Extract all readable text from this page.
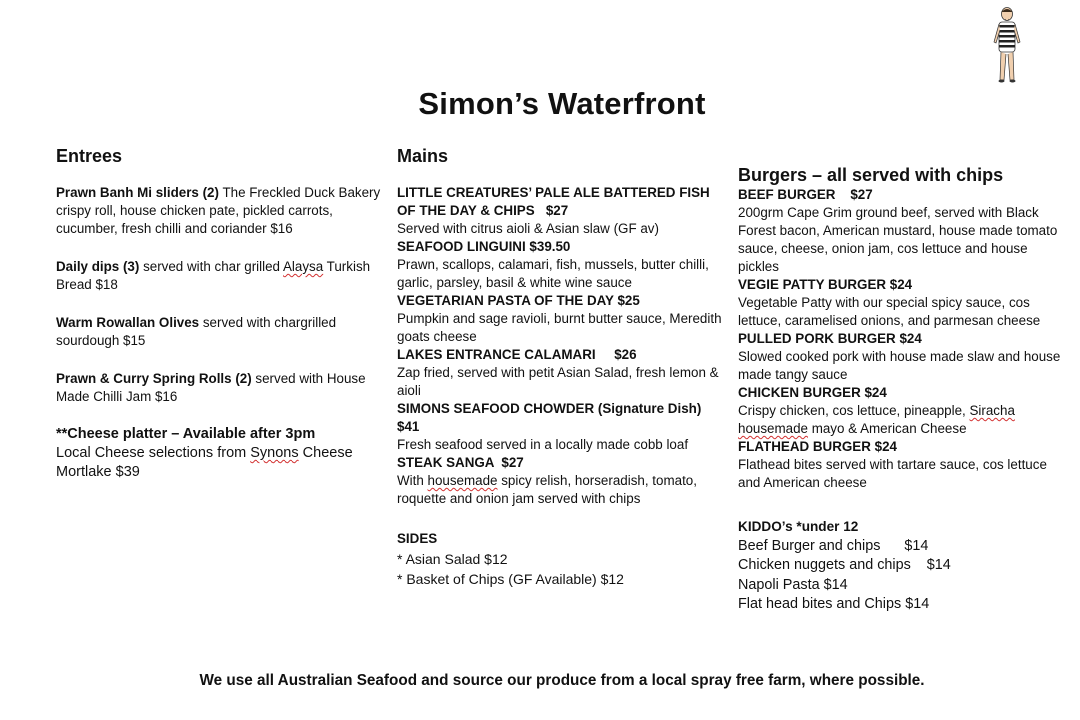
Simon’s Waterfront
Entrees
Prawn Banh Mi sliders (2) The Freckled Duck Bakery crispy roll, house chicken pate, pickled carrots, cucumber, fresh chilli and coriander $16
Daily dips (3) served with char grilled Alaysa Turkish Bread $18
Warm Rowallan Olives served with chargrilled sourdough $15
Prawn & Curry Spring Rolls (2) served with House Made Chilli Jam $16
**Cheese platter – Available after 3pm
Local Cheese selections from Synons Cheese Mortlake $39
Mains
LITTLE CREATURES’ PALE ALE BATTERED FISH OF THE DAY & CHIPS   $27
Served with citrus aioli & Asian slaw (GF av)
SEAFOOD LINGUINI $39.50
Prawn, scallops, calamari, fish, mussels, butter chilli, garlic, parsley, basil & white wine sauce
VEGETARIAN PASTA OF THE DAY $25
Pumpkin and sage ravioli, burnt butter sauce, Meredith goats cheese
LAKES ENTRANCE CALAMARI     $26
Zap fried, served with petit Asian Salad, fresh lemon & aioli
SIMONS SEAFOOD CHOWDER (Signature Dish) $41
Fresh seafood served in a locally made cobb loaf
STEAK SANGA  $27
With housemade spicy relish, horseradish, tomato, roquette and onion jam served with chips
SIDES
* Asian Salad $12
* Basket of Chips (GF Available) $12
Burgers – all served with chips
BEEF BURGER    $27
200grm Cape Grim ground beef, served with Black Forest bacon, American mustard, house made tomato sauce, cheese, onion jam, cos lettuce and house pickles
VEGIE PATTY BURGER $24
Vegetable Patty with our special spicy sauce, cos lettuce, caramelised onions, and parmesan cheese
PULLED PORK BURGER $24
Slowed cooked pork with house made slaw and house made tangy sauce
CHICKEN BURGER $24
Crispy chicken, cos lettuce, pineapple, Siracha housemade mayo & American Cheese
FLATHEAD BURGER $24
Flathead bites served with tartare sauce, cos lettuce and American cheese
KIDDO’s *under 12
Beef Burger and chips      $14
Chicken nuggets and chips    $14
Napoli Pasta $14
Flat head bites and Chips $14
We use all Australian Seafood and source our produce from a local spray free farm, where possible.
